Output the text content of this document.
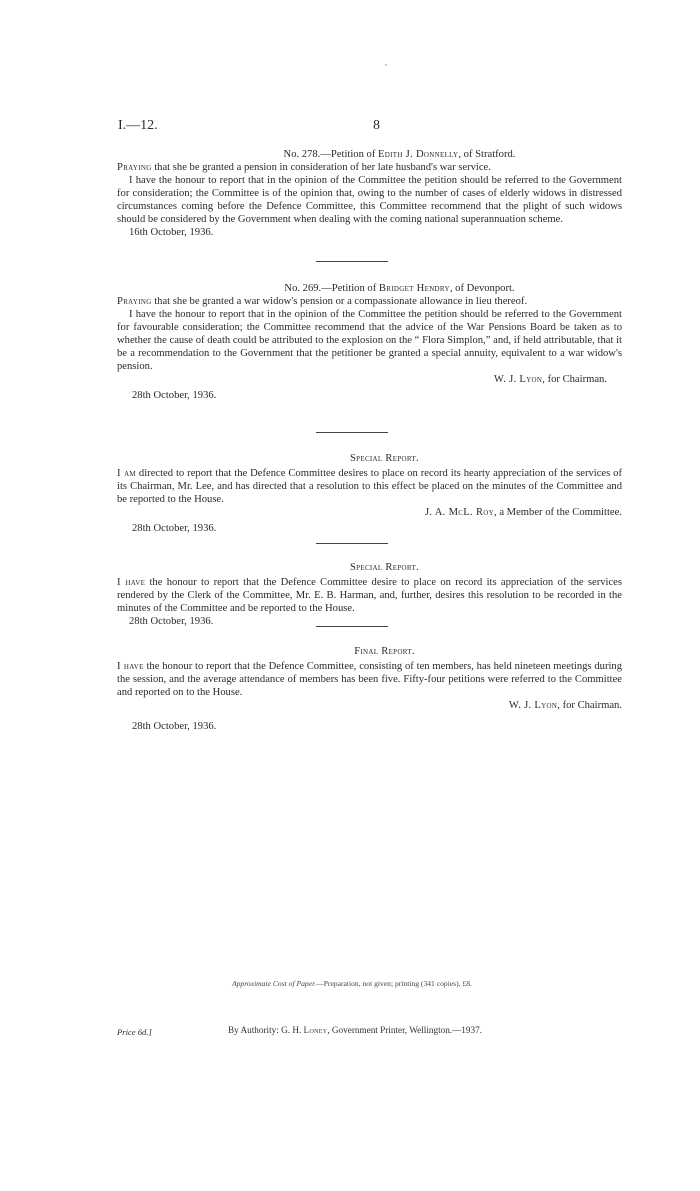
I.—12.	8
No. 278.—Petition of Edith J. Donnelly, of Stratford.
Praying that she be granted a pension in consideration of her late husband's war service.
I have the honour to report that in the opinion of the Committee the petition should be referred to the Government for consideration; the Committee is of the opinion that, owing to the number of cases of elderly widows in distressed circumstances coming before the Defence Committee, this Committee recommend that the plight of such widows should be considered by the Government when dealing with the coming national superannuation scheme.
16th October, 1936.
No. 269.—Petition of Bridget Hendry, of Devonport.
Praying that she be granted a war widow's pension or a compassionate allowance in lieu thereof.
I have the honour to report that in the opinion of the Committee the petition should be referred to the Government for favourable consideration; the Committee recommend that the advice of the War Pensions Board be taken as to whether the cause of death could be attributed to the explosion on the “ Flora Simplon,” and, if held attributable, that it be a recommendation to the Government that the petitioner be granted a special annuity, equivalent to a war widow's pension.
W. J. Lyon, for Chairman.
28th October, 1936.
Special Report.
I am directed to report that the Defence Committee desires to place on record its hearty appreciation of the services of its Chairman, Mr. Lee, and has directed that a resolution to this effect be placed on the minutes of the Committee and be reported to the House.
J. A. McL. Roy, a Member of the Committee.
28th October, 1936.
Special Report.
I have the honour to report that the Defence Committee desire to place on record its appreciation of the services rendered by the Clerk of the Committee, Mr. E. B. Harman, and, further, desires this resolution to be recorded in the minutes of the Committee and be reported to the House.
28th October, 1936.
Final Report.
I have the honour to report that the Defence Committee, consisting of ten members, has held nineteen meetings during the session, and the average attendance of members has been five. Fifty-four petitions were referred to the Committee and reported on to the House.
W. J. Lyon, for Chairman.
28th October, 1936.
Approximate Cost of Paper.—Preparation, not given; printing (341 copies), £8.
Price 6d.]	By Authority: G. H. Loney, Government Printer, Wellington.—1937.
